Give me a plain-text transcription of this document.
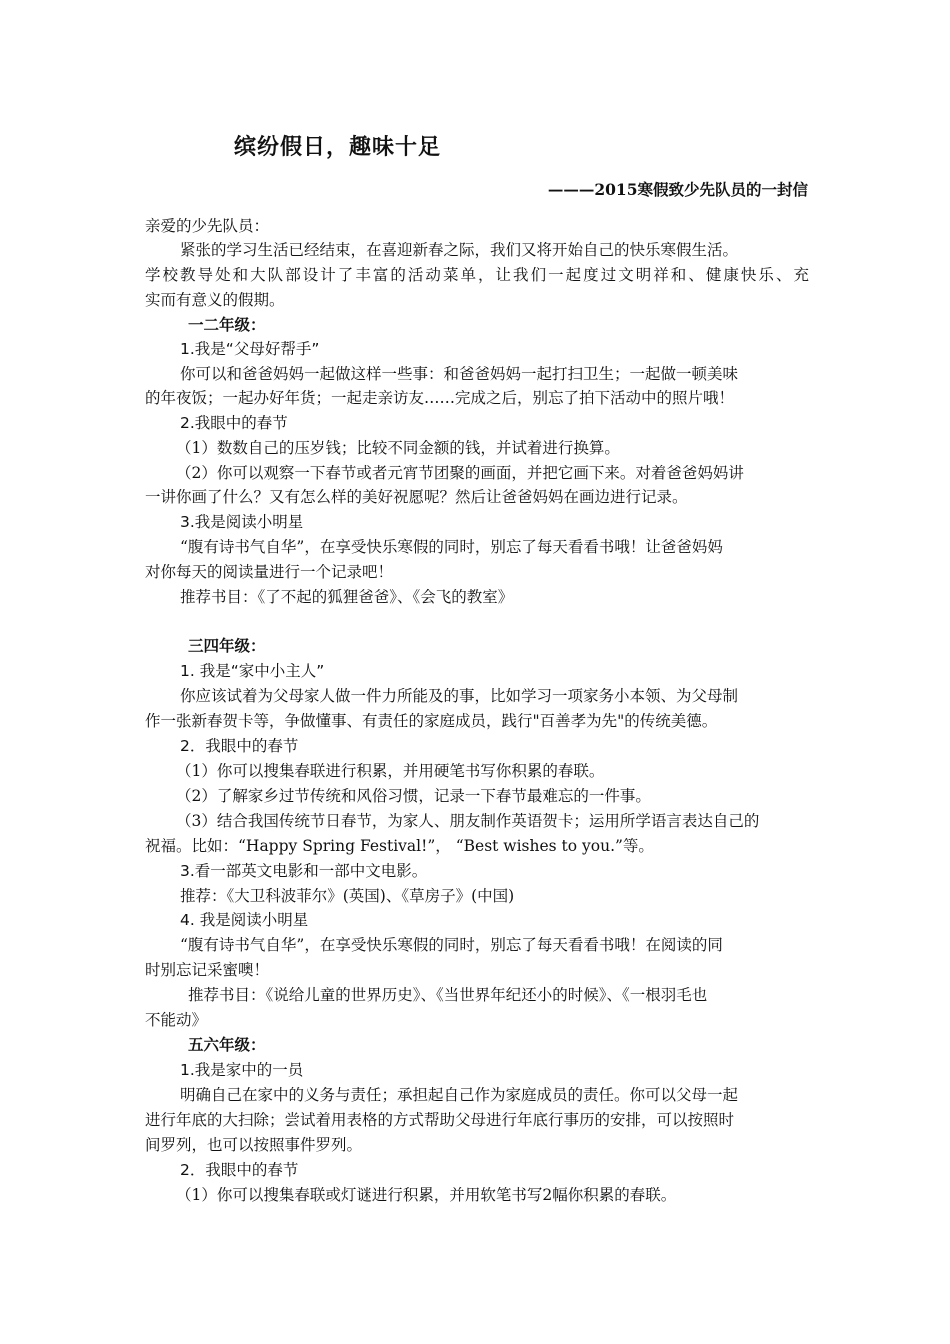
缤纷假日，趣味十足
———2015寒假致少先队员的一封信
亲爱的少先队员：
紧张的学习生活已经结束，在喜迎新春之际，我们又将开始自己的快乐寒假生活。
学校教导处和大队部设计了丰富的活动菜单，让我们一起度过文明祥和、健康快乐、充
实而有意义的假期。
一二年级：
1.我是“父母好帮手”
你可以和爸爸妈妈一起做这样一些事：和爸爸妈妈一起打扫卫生；一起做一顿美味
的年夜饭；一起办好年货；一起走亲访友……完成之后，别忘了拍下活动中的照片哦！
2.我眼中的春节
（1）数数自己的压岁钱；比较不同金额的钱，并试着进行换算。
（2）你可以观察一下春节或者元宵节团聚的画面，并把它画下来。对着爸爸妈妈讲
一讲你画了什么？又有怎么样的美好祝愿呢？然后让爸爸妈妈在画边进行记录。
3.我是阅读小明星
“腹有诗书气自华”，在享受快乐寒假的同时，别忘了每天看看书哦！让爸爸妈妈
对你每天的阅读量进行一个记录吧！
推荐书目：《了不起的狐狸爸爸》、《会飞的教室》
三四年级：
1. 我是“家中小主人”
你应该试着为父母家人做一件力所能及的事，比如学习一项家务小本领、为父母制
作一张新春贺卡等，争做懂事、有责任的家庭成员，践行"百善孝为先"的传统美德。
2．我眼中的春节
（1）你可以搜集春联进行积累，并用硬笔书写你积累的春联。
（2）了解家乡过节传统和风俗习惯，记录一下春节最难忘的一件事。
（3）结合我国传统节日春节，为家人、朋友制作英语贺卡；运用所学语言表达自己的
祝福。比如：“Happy Spring Festival!”， “Best wishes to you.”等。
3.看一部英文电影和一部中文电影。
推荐：《大卫科波菲尔》(英国)、《草房子》(中国)
4. 我是阅读小明星
“腹有诗书气自华”，在享受快乐寒假的同时，别忘了每天看看书哦！在阅读的同
时别忘记采蜜噢！
推荐书目：《说给儿童的世界历史》、《当世界年纪还小的时候》、《一根羽毛也
不能动》
五六年级：
1.我是家中的一员
明确自己在家中的义务与责任；承担起自己作为家庭成员的责任。你可以父母一起
进行年底的大扫除；尝试着用表格的方式帮助父母进行年底行事历的安排，可以按照时
间罗列，也可以按照事件罗列。
2．我眼中的春节
（1）你可以搜集春联或灯谜进行积累，并用软笔书写2幅你积累的春联。
